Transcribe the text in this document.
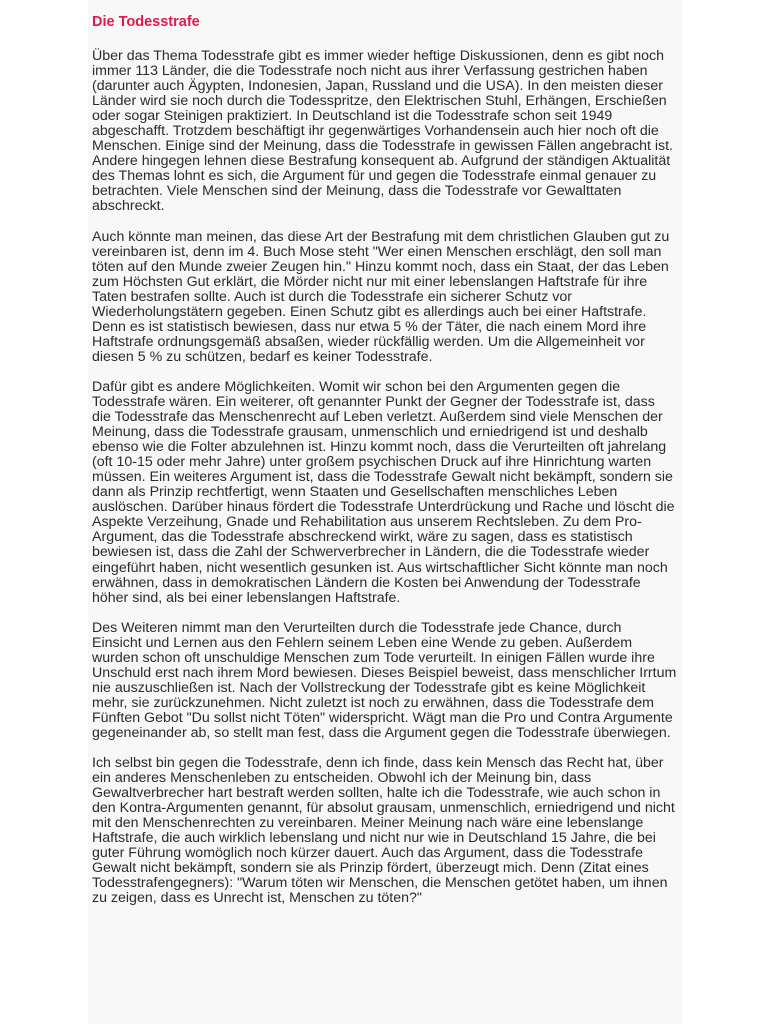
Die Todesstrafe
Über das Thema Todesstrafe gibt es immer wieder heftige Diskussionen, denn es gibt noch
immer 113 Länder, die die Todesstrafe noch nicht aus ihrer Verfassung gestrichen haben
(darunter auch Ägypten, Indonesien, Japan, Russland und die USA). In den meisten dieser
Länder wird sie noch durch die Todesspritze, den Elektrischen Stuhl, Erhängen, Erschießen
oder sogar Steinigen praktiziert. In Deutschland ist die Todesstrafe schon seit 1949
abgeschafft. Trotzdem beschäftigt ihr gegenwärtiges Vorhandensein auch hier noch oft die
Menschen. Einige sind der Meinung, dass die Todesstrafe in gewissen Fällen angebracht ist.
Andere hingegen lehnen diese Bestrafung konsequent ab. Aufgrund der ständigen Aktualität
des Themas lohnt es sich, die Argument für und gegen die Todesstrafe einmal genauer zu
betrachten. Viele Menschen sind der Meinung, dass die Todesstrafe vor Gewalttaten
abschreckt.
Auch könnte man meinen, das diese Art der Bestrafung mit dem christlichen Glauben gut zu
vereinbaren ist, denn im 4. Buch Mose steht "Wer einen Menschen erschlägt, den soll man
töten auf den Munde zweier Zeugen hin." Hinzu kommt noch, dass ein Staat, der das Leben
zum Höchsten Gut erklärt, die Mörder nicht nur mit einer lebenslangen Haftstrafe für ihre
Taten bestrafen sollte. Auch ist durch die Todesstrafe ein sicherer Schutz vor
Wiederholungstätern gegeben. Einen Schutz gibt es allerdings auch bei einer Haftstrafe.
Denn es ist statistisch bewiesen, dass nur etwa 5 % der Täter, die nach einem Mord ihre
Haftstrafe ordnungsgemäß absaßen, wieder rückfällig werden. Um die Allgemeinheit vor
diesen 5 % zu schützen, bedarf es keiner Todesstrafe.
Dafür gibt es andere Möglichkeiten. Womit wir schon bei den Argumenten gegen die
Todesstrafe wären. Ein weiterer, oft genannter Punkt der Gegner der Todesstrafe ist, dass
die Todesstrafe das Menschenrecht auf Leben verletzt. Außerdem sind viele Menschen der
Meinung, dass die Todesstrafe grausam, unmenschlich und erniedrigend ist und deshalb
ebenso wie die Folter abzulehnen ist. Hinzu kommt noch, dass die Verurteilten oft jahrelang
(oft 10-15 oder mehr Jahre) unter großem psychischen Druck auf ihre Hinrichtung warten
müssen. Ein weiteres Argument ist, dass die Todesstrafe Gewalt nicht bekämpft, sondern sie
dann als Prinzip rechtfertigt, wenn Staaten und Gesellschaften menschliches Leben
auslöschen. Darüber hinaus fördert die Todesstrafe Unterdrückung und Rache und löscht die
Aspekte Verzeihung, Gnade und Rehabilitation aus unserem Rechtsleben. Zu dem Pro-
Argument, das die Todesstrafe abschreckend wirkt, wäre zu sagen, dass es statistisch
bewiesen ist, dass die Zahl der Schwerverbrecher in Ländern, die die Todesstrafe wieder
eingeführt haben, nicht wesentlich gesunken ist. Aus wirtschaftlicher Sicht könnte man noch
erwähnen, dass in demokratischen Ländern die Kosten bei Anwendung der Todesstrafe
höher sind, als bei einer lebenslangen Haftstrafe.
Des Weiteren nimmt man den Verurteilten durch die Todesstrafe jede Chance, durch
Einsicht und Lernen aus den Fehlern seinem Leben eine Wende zu geben. Außerdem
wurden schon oft unschuldige Menschen zum Tode verurteilt. In einigen Fällen wurde ihre
Unschuld erst nach ihrem Mord bewiesen. Dieses Beispiel beweist, dass menschlicher Irrtum
nie auszuschließen ist. Nach der Vollstreckung der Todesstrafe gibt es keine Möglichkeit
mehr, sie zurückzunehmen. Nicht zuletzt ist noch zu erwähnen, dass die Todesstrafe dem
Fünften Gebot "Du sollst nicht Töten" widerspricht. Wägt man die Pro und Contra Argumente
gegeneinander ab, so stellt man fest, dass die Argument gegen die Todesstrafe überwiegen.
Ich selbst bin gegen die Todesstrafe, denn ich finde, dass kein Mensch das Recht hat, über
ein anderes Menschenleben zu entscheiden. Obwohl ich der Meinung bin, dass
Gewaltverbrecher hart bestraft werden sollten, halte ich die Todesstrafe, wie auch schon in
den Kontra-Argumenten genannt, für absolut grausam, unmenschlich, erniedrigend und nicht
mit den Menschenrechten zu vereinbaren. Meiner Meinung nach wäre eine lebenslange
Haftstrafe, die auch wirklich lebenslang und nicht nur wie in Deutschland 15 Jahre, die bei
guter Führung womöglich noch kürzer dauert. Auch das Argument, dass die Todesstrafe
Gewalt nicht bekämpft, sondern sie als Prinzip fördert, überzeugt mich. Denn (Zitat eines
Todesstrafengegners): "Warum töten wir Menschen, die Menschen getötet haben, um ihnen
zu zeigen, dass es Unrecht ist, Menschen zu töten?"
